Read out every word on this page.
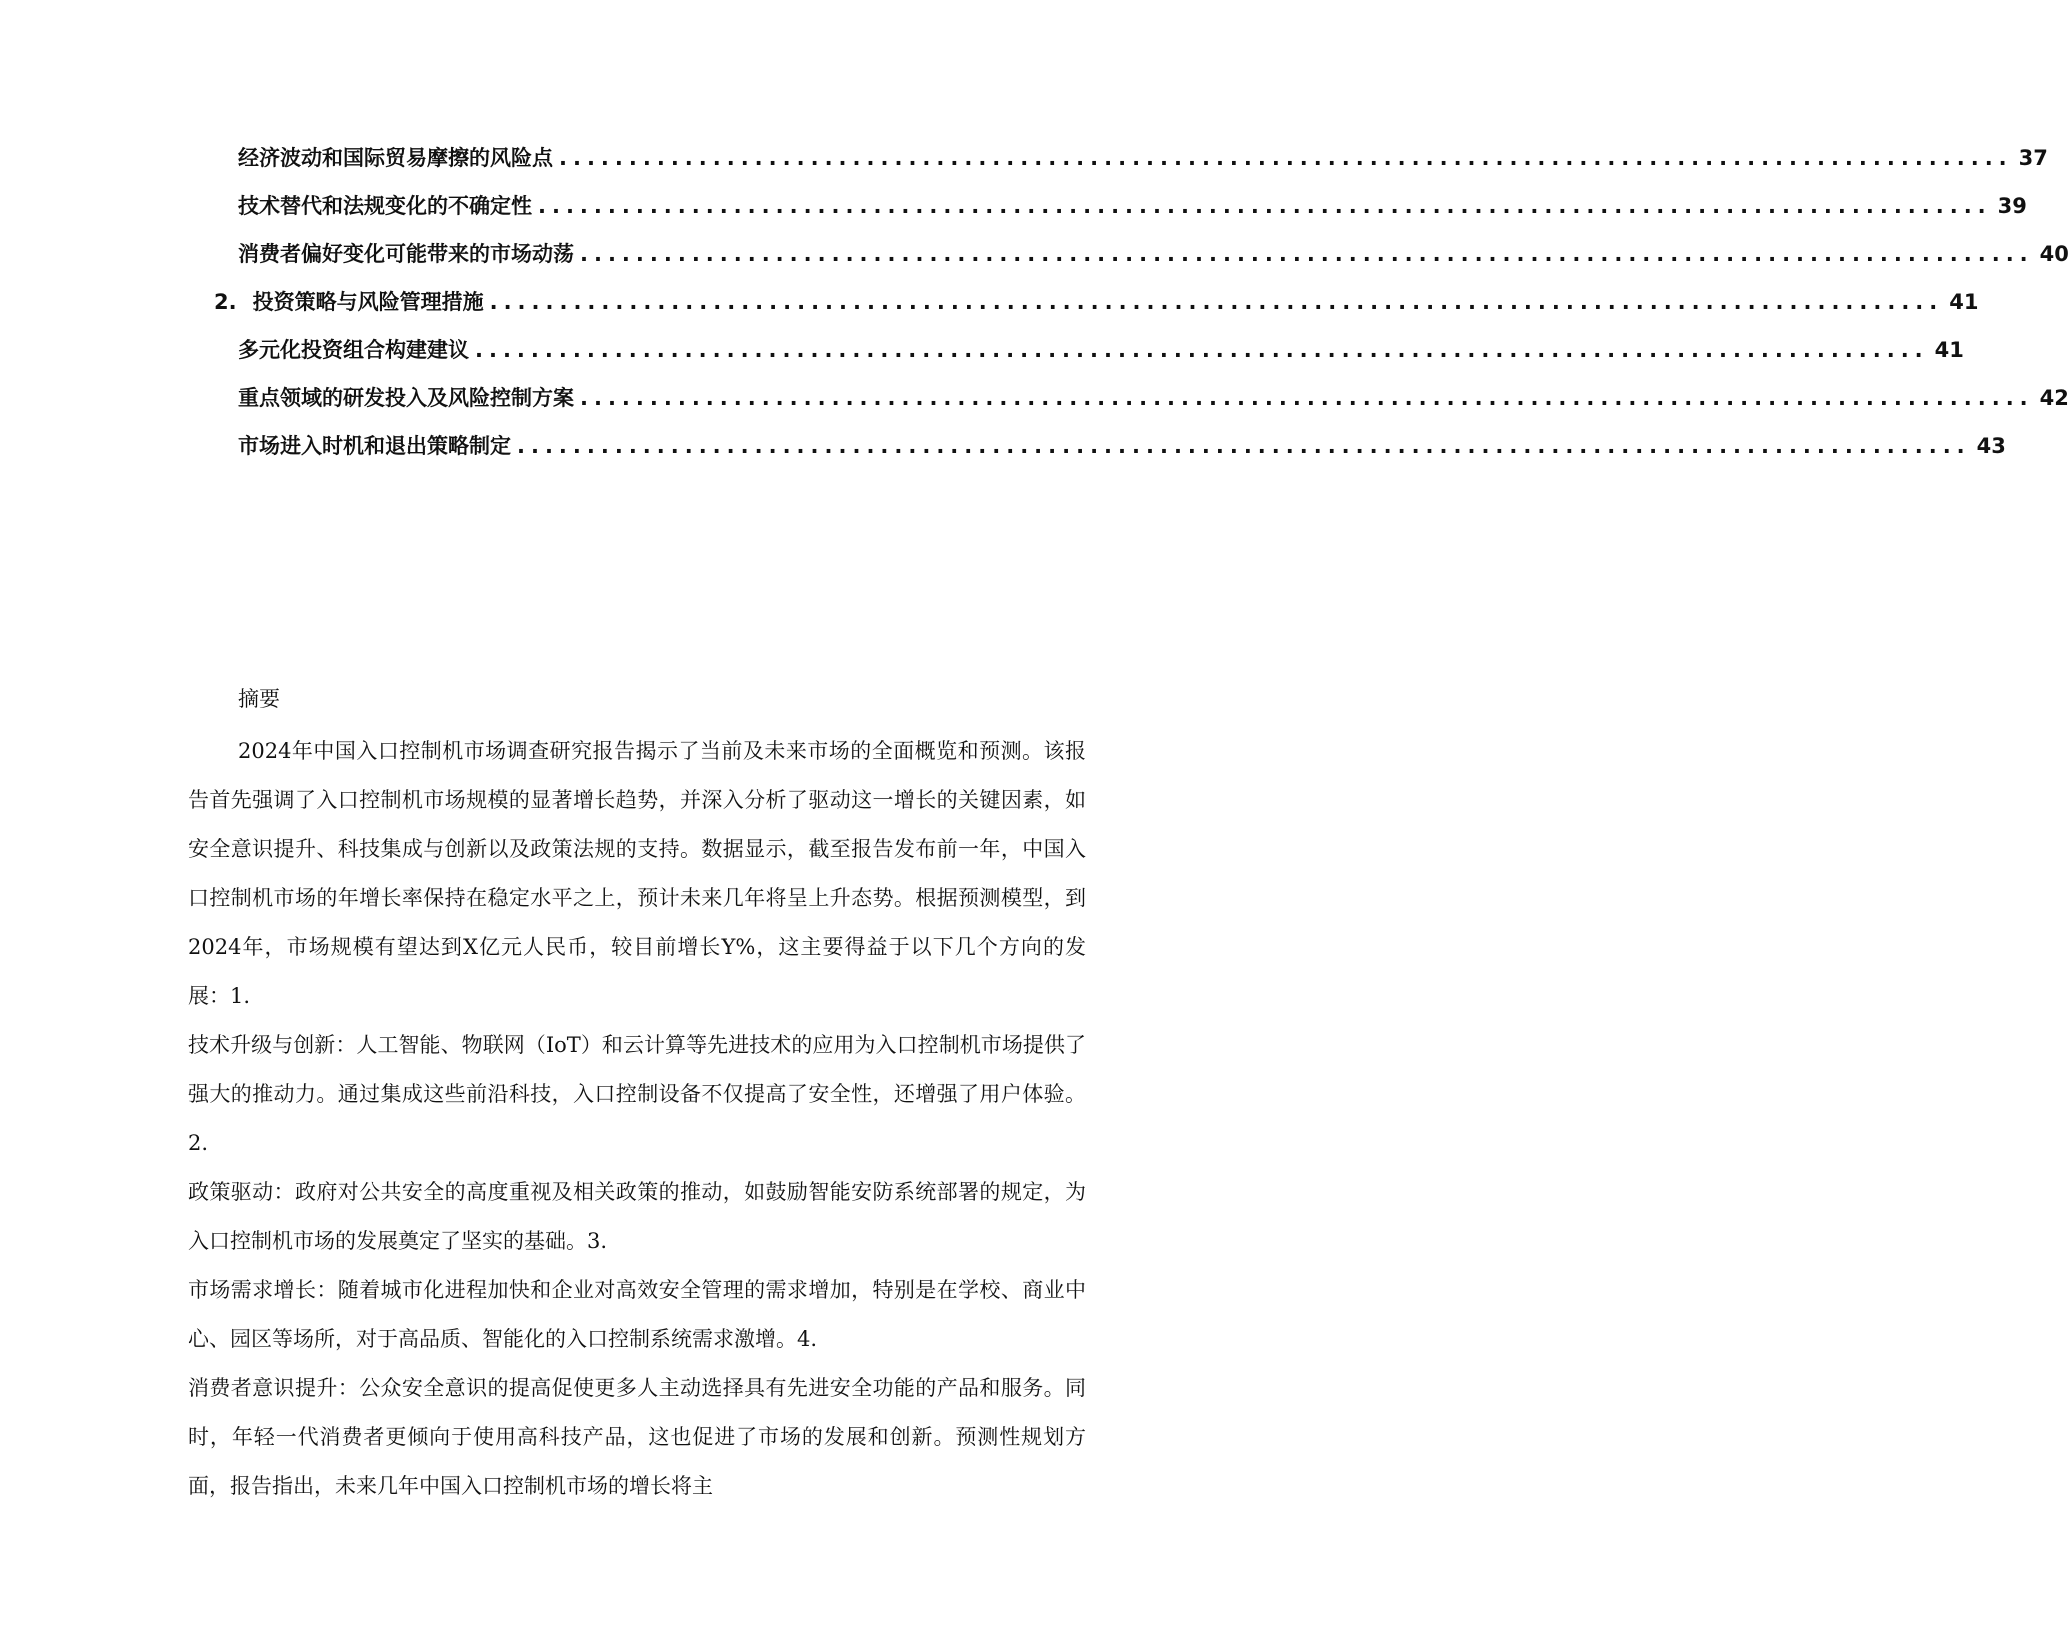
经济波动和国际贸易摩擦的风险点 ........................................................................................................ 37
技术替代和法规变化的不确定性 ........................................................................................................ 39
消费者偏好变化可能带来的市场动荡 ........................................................................................................ 40
2. 投资策略与风险管理措施 ........................................................................................................ 41
多元化投资组合构建建议 ........................................................................................................ 41
重点领域的研发投入及风险控制方案 ........................................................................................................ 42
市场进入时机和退出策略制定 ........................................................................................................ 43
摘要

2024年中国入口控制机市场调查研究报告揭示了当前及未来市场的全面概览和预测。该报告首先强调了入口控制机市场规模的显著增长趋势，并深入分析了驱动这一增长的关键因素，如安全意识提升、科技集成与创新以及政策法规的支持。数据显示，截至报告发布前一年，中国入口控制机市场的年增长率保持在稳定水平之上，预计未来几年将呈上升态势。根据预测模型，到2024年，市场规模有望达到X亿元人民币，较目前增长Y%，这主要得益于以下几个方向的发展：1.

技术升级与创新：人工智能、物联网（IoT）和云计算等先进技术的应用为入口控制机市场提供了强大的推动力。通过集成这些前沿科技，入口控制设备不仅提高了安全性，还增强了用户体验。2.

政策驱动：政府对公共安全的高度重视及相关政策的推动，如鼓励智能安防系统部署的规定，为入口控制机市场的发展奠定了坚实的基础。3.

市场需求增长：随着城市化进程加快和企业对高效安全管理的需求增加，特别是在学校、商业中心、园区等场所，对于高品质、智能化的入口控制系统需求激增。4.

消费者意识提升：公众安全意识的提高促使更多人主动选择具有先进安全功能的产品和服务。同时，年轻一代消费者更倾向于使用高科技产品，这也促进了市场的发展和创新。预测性规划方面，报告指出，未来几年中国入口控制机市场的增长将主
